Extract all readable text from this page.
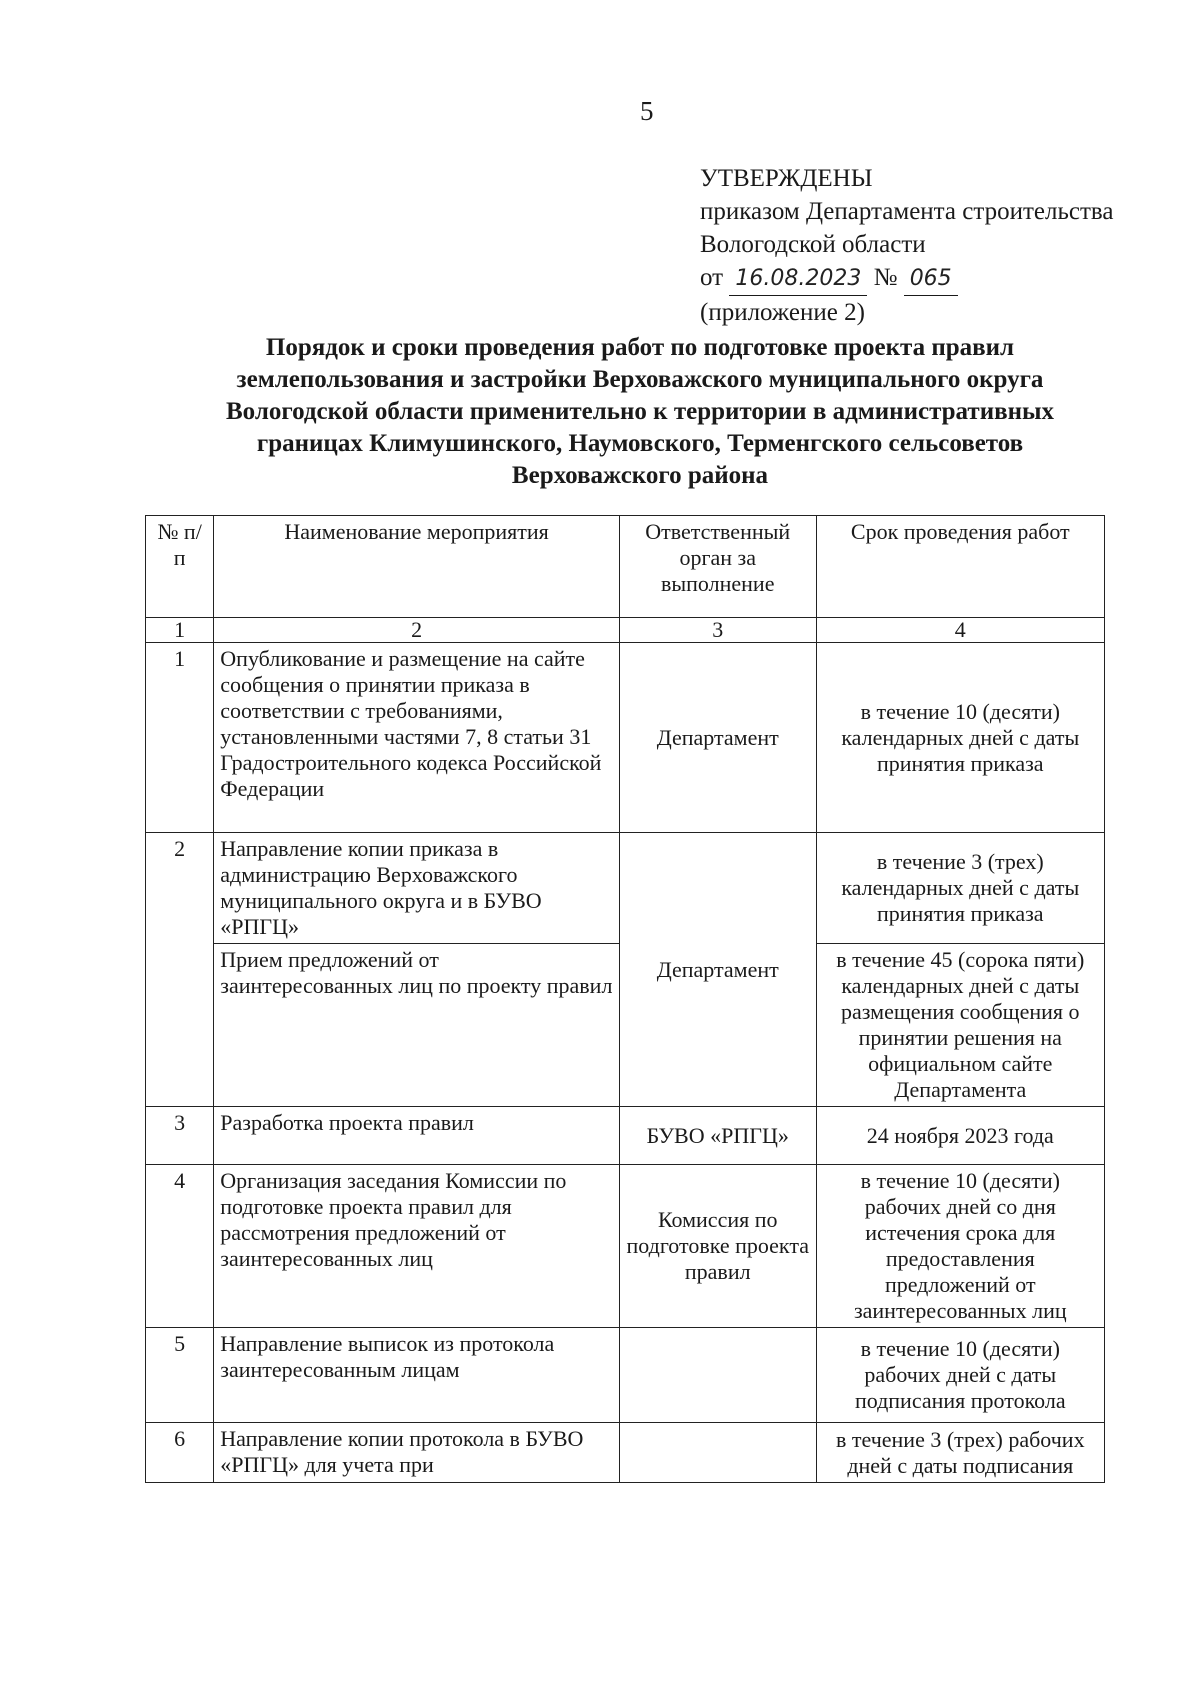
5
УТВЕРЖДЕНЫ
приказом Департамента строительства
Вологодской области
от 16.08.2023 № 065
(приложение 2)
Порядок и сроки проведения работ по подготовке проекта правил
землепользования и застройки Верховажского муниципального округа
Вологодской области применительно к территории в административных
границах Климушинского, Наумовского, Терменгского сельсоветов
Верховажского района
№ п/п	Наименование мероприятия	Ответственный орган за выполнение	Срок проведения работ
1	2	3	4
1	Опубликование и размещение на сайте сообщения о принятии приказа в соответствии с требованиями, установленными частями 7, 8 статьи 31 Градостроительного кодекса Российской Федерации	Департамент	в течение 10 (десяти) календарных дней с даты принятия приказа
2	Направление копии приказа в администрацию Верховажского муниципального округа и в БУВО «РПГЦ»	Департамент	в течение 3 (трех) календарных дней с даты принятия приказа
	Прием предложений от заинтересованных лиц по проекту правил		в течение 45 (сорока пяти) календарных дней с даты размещения сообщения о принятии решения на официальном сайте Департамента
3	Разработка проекта правил	БУВО «РПГЦ»	24 ноября 2023 года
4	Организация заседания Комиссии по подготовке проекта правил для рассмотрения предложений от заинтересованных лиц	Комиссия по подготовке проекта правил	в течение 10 (десяти) рабочих дней со дня истечения срока для предоставления предложений от заинтересованных лиц
5	Направление выписок из протокола заинтересованным лицам		в течение 10 (десяти) рабочих дней с даты подписания протокола
6	Направление копии протокола в БУВО «РПГЦ» для учета при		в течение 3 (трех) рабочих дней с даты подписания
